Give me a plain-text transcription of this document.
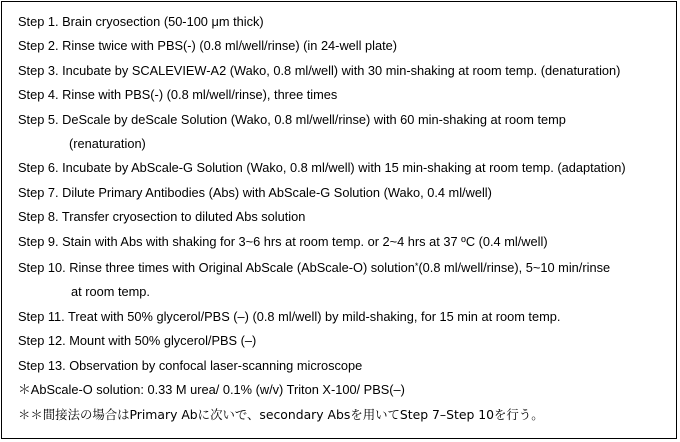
Step 1. Brain cryosection (50-100 μm thick)
Step 2. Rinse twice with PBS(-) (0.8 ml/well/rinse) (in 24-well plate)
Step 3. Incubate by SCALEVIEW-A2 (Wako, 0.8 ml/well) with 30 min-shaking at room temp. (denaturation)
Step 4. Rinse with PBS(-) (0.8 ml/well/rinse), three times
Step 5. DeScale by deScale Solution (Wako, 0.8 ml/well/rinse) with 60 min-shaking at room temp
(renaturation)
Step 6. Incubate by AbScale-G Solution (Wako, 0.8 ml/well) with 15 min-shaking at room temp. (adaptation)
Step 7. Dilute Primary Antibodies (Abs) with AbScale-G Solution (Wako, 0.4 ml/well)
Step 8. Transfer cryosection to diluted Abs solution
Step 9. Stain with Abs with shaking for 3~6 hrs at room temp. or 2~4 hrs at 37 ºC (0.4 ml/well)
Step 10. Rinse three times with Original AbScale (AbScale-O) solution*(0.8 ml/well/rinse), 5~10 min/rinse
at room temp.
Step 11. Treat with 50% glycerol/PBS (–) (0.8 ml/well) by mild-shaking, for 15 min at room temp.
Step 12. Mount with 50% glycerol/PBS (–)
Step 13. Observation by confocal laser-scanning microscope
＊AbScale-O solution: 0.33 M urea/ 0.1% (w/v) Triton X-100/ PBS(–)
＊＊間接法の場合はPrimary Abに次いで、secondary Absを用いてStep 7–Step 10を行う。
